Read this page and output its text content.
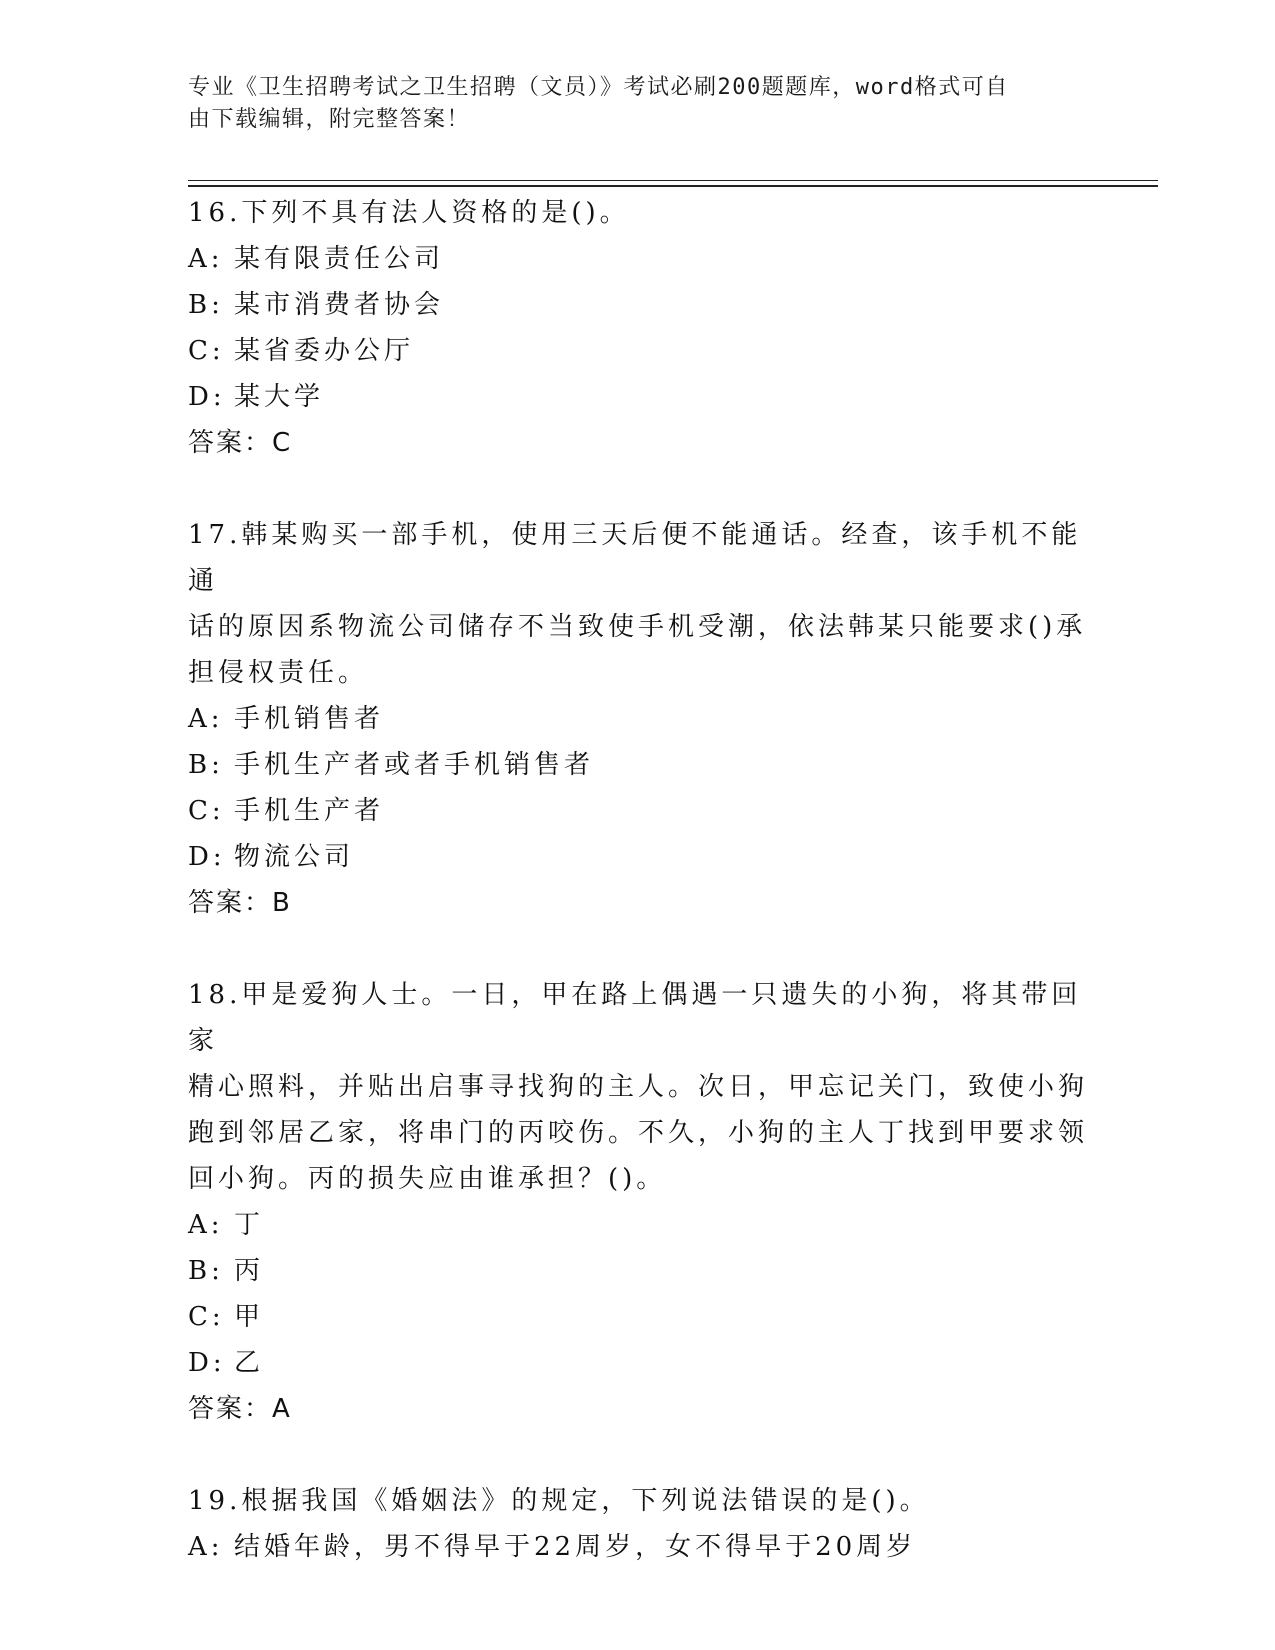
专业《卫生招聘考试之卫生招聘（文员）》考试必刷200题题库，word格式可自
由下载编辑，附完整答案！
16.下列不具有法人资格的是()。
A: 某有限责任公司
B: 某市消费者协会
C: 某省委办公厅
D: 某大学
答案：C
17.韩某购买一部手机，使用三天后便不能通话。经查，该手机不能通
话的原因系物流公司储存不当致使手机受潮，依法韩某只能要求()承
担侵权责任。
A: 手机销售者
B: 手机生产者或者手机销售者
C: 手机生产者
D: 物流公司
答案：B
18.甲是爱狗人士。一日，甲在路上偶遇一只遗失的小狗，将其带回家
精心照料，并贴出启事寻找狗的主人。次日，甲忘记关门，致使小狗
跑到邻居乙家，将串门的丙咬伤。不久，小狗的主人丁找到甲要求领
回小狗。丙的损失应由谁承担？()。
A: 丁
B: 丙
C: 甲
D: 乙
答案：A
19.根据我国《婚姻法》的规定，下列说法错误的是()。
A: 结婚年龄，男不得早于22周岁，女不得早于20周岁
